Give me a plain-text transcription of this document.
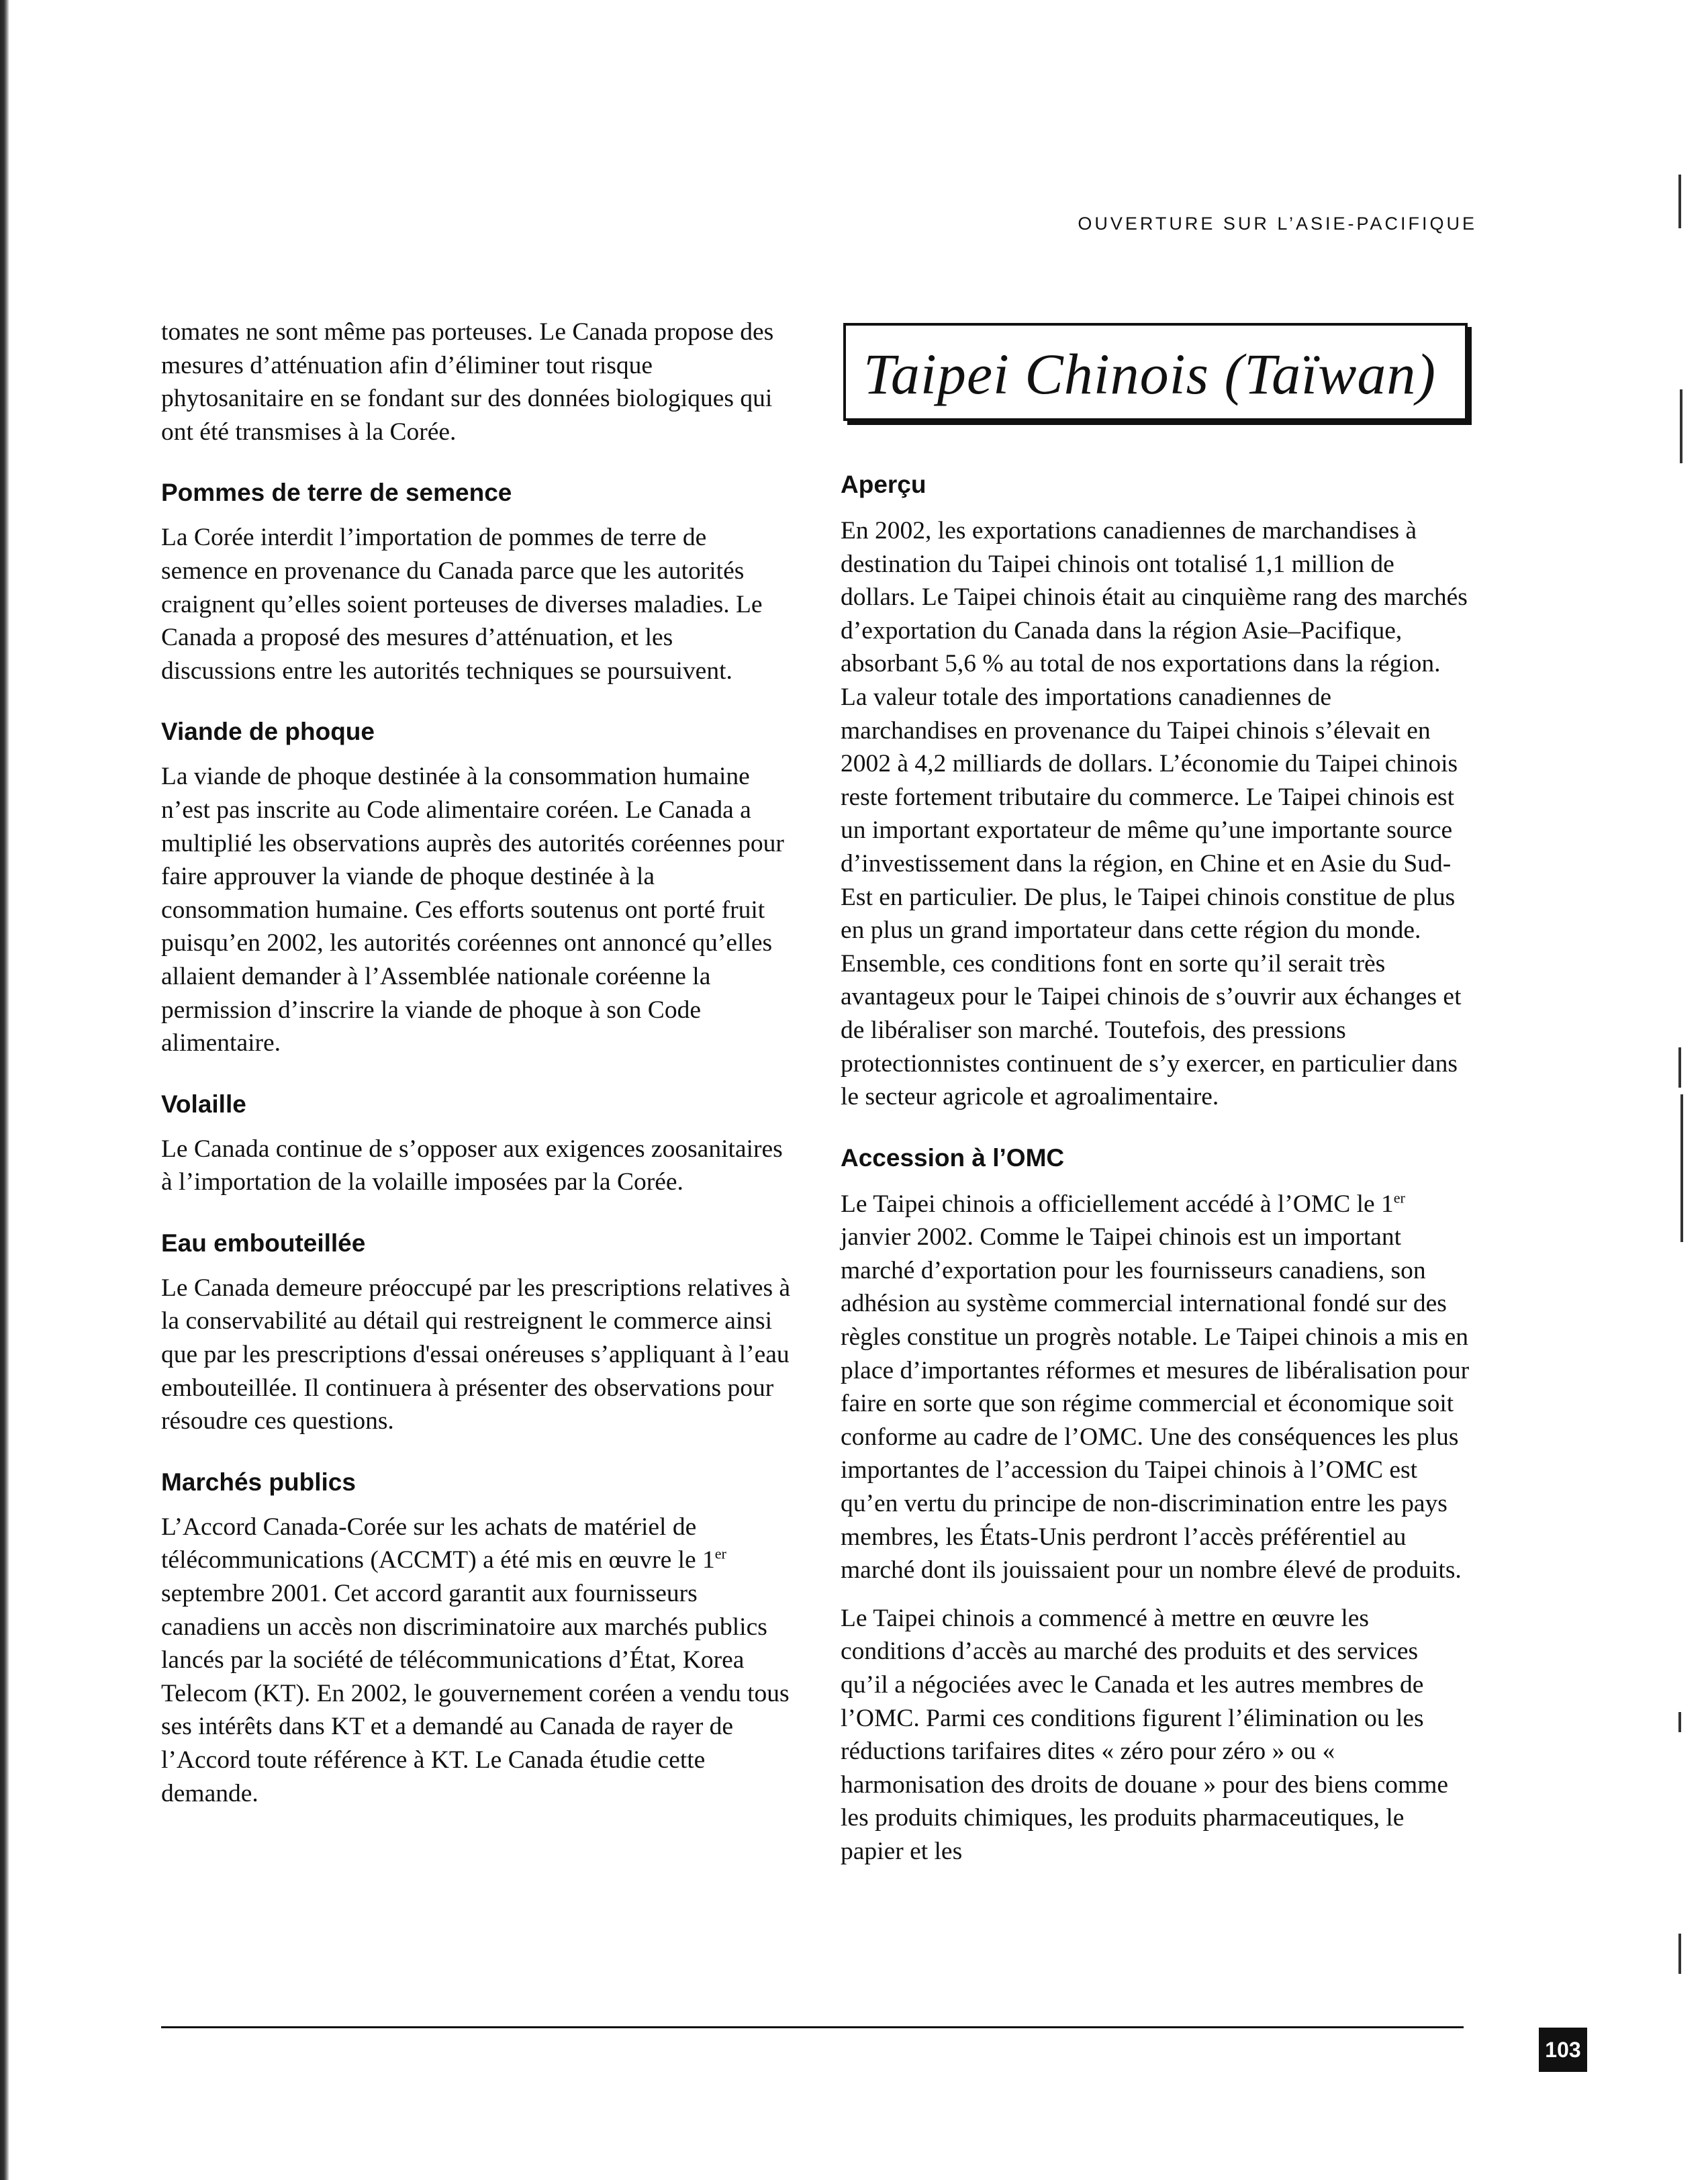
OUVERTURE SUR L’ASIE-PACIFIQUE

tomates ne sont même pas porteuses. Le Canada propose des mesures d’atténuation afin d’éliminer tout risque phytosanitaire en se fondant sur des données biologiques qui ont été transmises à la Corée.

Pommes de terre de semence

La Corée interdit l’importation de pommes de terre de semence en provenance du Canada parce que les autorités craignent qu’elles soient porteuses de diverses maladies. Le Canada a proposé des mesures d’atténuation, et les discussions entre les autorités techniques se poursuivent.

Viande de phoque

La viande de phoque destinée à la consommation humaine n’est pas inscrite au Code alimentaire coréen. Le Canada a multiplié les observations auprès des autorités coréennes pour faire approuver la viande de phoque destinée à la consommation humaine. Ces efforts soutenus ont porté fruit puisqu’en 2002, les autorités coréennes ont annoncé qu’elles allaient demander à l’Assemblée nationale coréenne la permission d’inscrire la viande de phoque à son Code alimentaire.

Volaille

Le Canada continue de s’opposer aux exigences zoosanitaires à l’importation de la volaille imposées par la Corée.

Eau embouteillée

Le Canada demeure préoccupé par les prescriptions relatives à la conservabilité au détail qui restreignent le commerce ainsi que par les prescriptions d'essai onéreuses s’appliquant à l’eau embouteillée. Il continuera à présenter des observations pour résoudre ces questions.

Marchés publics

L’Accord Canada-Corée sur les achats de matériel de télécommunications (ACCMT) a été mis en œuvre le 1er septembre 2001. Cet accord garantit aux fournisseurs canadiens un accès non discriminatoire aux marchés publics lancés par la société de télécommunications d’État, Korea Telecom (KT). En 2002, le gouvernement coréen a vendu tous ses intérêts dans KT et a demandé au Canada de rayer de l’Accord toute référence à KT. Le Canada étudie cette demande.

Taipei Chinois (Taïwan)
Aperçu

En 2002, les exportations canadiennes de marchandises à destination du Taipei chinois ont totalisé 1,1 million de dollars. Le Taipei chinois était au cinquième rang des marchés d’exportation du Canada dans la région Asie–Pacifique, absorbant 5,6 % au total de nos exportations dans la région. La valeur totale des importations canadiennes de marchandises en provenance du Taipei chinois s’élevait en 2002 à 4,2 milliards de dollars. L’économie du Taipei chinois reste fortement tributaire du commerce. Le Taipei chinois est un important exportateur de même qu’une importante source d’investissement dans la région, en Chine et en Asie du Sud-Est en particulier. De plus, le Taipei chinois constitue de plus en plus un grand importateur dans cette région du monde. Ensemble, ces conditions font en sorte qu’il serait très avantageux pour le Taipei chinois de s’ouvrir aux échanges et de libéraliser son marché. Toutefois, des pressions protectionnistes continuent de s’y exercer, en particulier dans le secteur agricole et agroalimentaire.

Accession à l’OMC

Le Taipei chinois a officiellement accédé à l’OMC le 1er janvier 2002. Comme le Taipei chinois est un important marché d’exportation pour les fournisseurs canadiens, son adhésion au système commercial international fondé sur des règles constitue un progrès notable. Le Taipei chinois a mis en place d’importantes réformes et mesures de libéralisation pour faire en sorte que son régime commercial et économique soit conforme au cadre de l’OMC. Une des conséquences les plus importantes de l’accession du Taipei chinois à l’OMC est qu’en vertu du principe de non-discrimination entre les pays membres, les États-Unis perdront l’accès préférentiel au marché dont ils jouissaient pour un nombre élevé de produits.

Le Taipei chinois a commencé à mettre en œuvre les conditions d’accès au marché des produits et des services qu’il a négociées avec le Canada et les autres membres de l’OMC. Parmi ces conditions figurent l’élimination ou les réductions tarifaires dites « zéro pour zéro » ou « harmonisation des droits de douane » pour des biens comme les produits chimiques, les produits pharmaceutiques, le papier et les

103
